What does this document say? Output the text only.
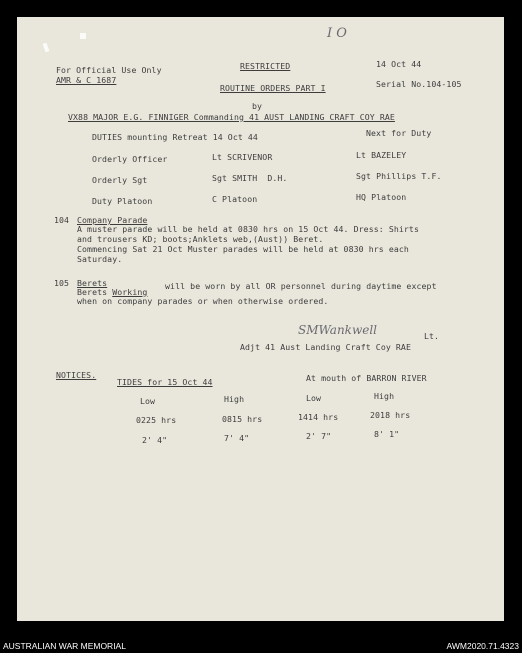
I O
For Official Use Only
AMR & C 1687
RESTRICTED	14 Oct 44
ROUTINE ORDERS PART I	Serial No.104-105
by
VX88 MAJOR E.G. FINNIGER Commanding 41 AUST LANDING CRAFT COY RAE
DUTIES mounting Retreat 14 Oct 44	Next for Duty
Orderly Officer	Lt SCRIVENOR	Lt BAZELEY
Orderly Sgt	Sgt SMITH  D.H.	Sgt Phillips T.F.
Duty Platoon	C Platoon	HQ Platoon
104 Company Parade
A muster parade will be held at 0830 hrs on 15 Oct 44. Dress: Shirts
and trousers KD; boots;Anklets web,(Aust)) Beret.
Commencing Sat 21 Oct Muster parades will be held at 0830 hrs each
Saturday.
105 Berets	will be worn by all OR personnel during daytime except
Berets Working
when on company parades or when otherwise ordered.
SMWankwell	Lt.
Adjt 41 Aust Landing Craft Coy RAE
NOTICES.
TIDES for 15 Oct 44	At mouth of BARRON RIVER
Low	High	Low	High
0225 hrs	0815 hrs	1414 hrs	2018 hrs
2' 4"	7' 4"	2' 7"	8' 1"
AUSTRALIAN WAR MEMORIAL	AWM2020.71.4323
